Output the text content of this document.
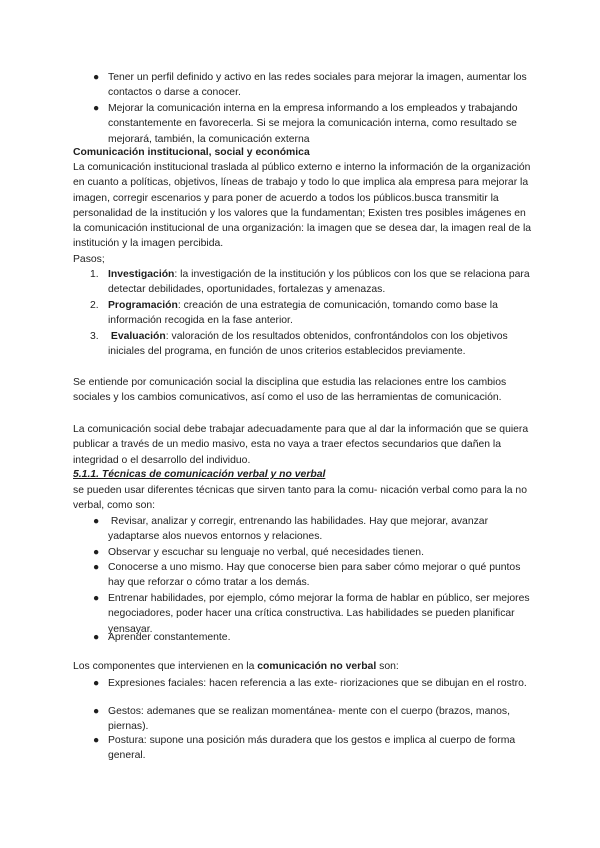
● Tener un perfil definido y activo en las redes sociales para mejorar la imagen, aumentar los contactos o darse a conocer.
● Mejorar la comunicación interna en la empresa informando a los empleados y trabajando constantemente en favorecerla. Si se mejora la comunicación interna, como resultado se mejorará, también, la comunicación externa
Comunicación institucional, social y económica
La comunicación institucional traslada al público externo e interno la información de la organización en cuanto a políticas, objetivos, líneas de trabajo y todo lo que implica ala empresa para mejorar la imagen, corregir escenarios y para poner de acuerdo a todos los públicos.busca transmitir la personalidad de la institución y los valores que la fundamentan; Existen tres posibles imágenes en la comunicación institucional de una organización: la imagen que se desea dar, la imagen real de la institución y la imagen percibida.
Pasos;
1. Investigación: la investigación de la institución y los públicos con los que se relaciona para detectar debilidades, oportunidades, fortalezas y amenazas.
2. Programación: creación de una estrategia de comunicación, tomando como base la información recogida en la fase anterior.
3. Evaluación: valoración de los resultados obtenidos, confrontándolos con los objetivos iniciales del programa, en función de unos criterios establecidos previamente.
Se entiende por comunicación social la disciplina que estudia las relaciones entre los cambios sociales y los cambios comunicativos, así como el uso de las herramientas de comunicación.
La comunicación social debe trabajar adecuadamente para que al dar la información que se quiera publicar a través de un medio masivo, esta no vaya a traer efectos secundarios que dañen la integridad o el desarrollo del individuo.
5.1.1. Técnicas de comunicación verbal y no verbal
se pueden usar diferentes técnicas que sirven tanto para la comu- nicación verbal como para la no verbal, como son:
● Revisar, analizar y corregir, entrenando las habilidades. Hay que mejorar, avanzar yadaptarse alos nuevos entornos y relaciones.
● Observar y escuchar su lenguaje no verbal, qué necesidades tienen.
● Conocerse a uno mismo. Hay que conocerse bien para saber cómo mejorar o qué puntos hay que reforzar o cómo tratar a los demás.
● Entrenar habilidades, por ejemplo, cómo mejorar la forma de hablar en público, ser mejores negociadores, poder hacer una crítica constructiva. Las habilidades se pueden planificar yensayar.
● Aprender constantemente.
Los componentes que intervienen en la comunicación no verbal son:
● Expresiones faciales: hacen referencia a las exte- riorizaciones que se dibujan en el rostro.
● Gestos: ademanes que se realizan momentánea- mente con el cuerpo (brazos, manos, piernas).
● Postura: supone una posición más duradera que los gestos e implica al cuerpo de forma general.
